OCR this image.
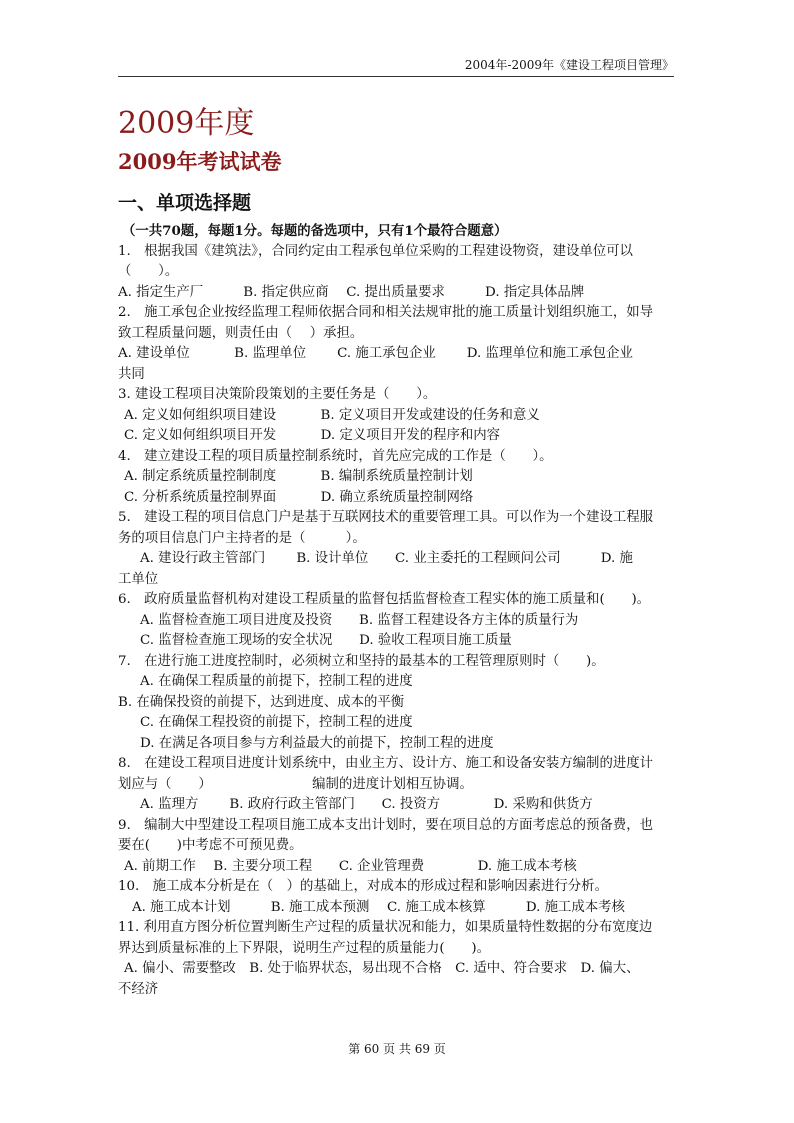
2004年-2009年《建设工程项目管理》
2009年度
2009年考试试卷
一、单项选择题
（一共70题，每题1分。每题的备选项中，只有1个最符合题意）
1.　根据我国《建筑法》，合同约定由工程承包单位采购的工程建设物资，建设单位可以
（　　）。
A. 指定生产厂　　　B. 指定供应商　 C. 提出质量要求　　　D. 指定具体品牌
2.　施工承包企业按经监理工程师依据合同和相关法规审批的施工质量计划组织施工，如导
致工程质量问题，则责任由（　 ）承担。
A. 建设单位　　　 B. 监理单位　　 C. 施工承包企业　　 D. 监理单位和施工承包企业
共同
3. 建设工程项目决策阶段策划的主要任务是（　　）。
A. 定义如何组织项目建设　　　 B. 定义项目开发或建设的任务和意义
C. 定义如何组织项目开发　　　 D. 定义项目开发的程序和内容
4.　建立建设工程的项目质量控制系统时，首先应完成的工作是（　　）。
A. 制定系统质量控制制度　　　 B. 编制系统质量控制计划
C. 分析系统质量控制界面　　　 D. 确立系统质量控制网络
5.　建设工程的项目信息门户是基于互联网技术的重要管理工具。可以作为一个建设工程服
务的项目信息门户主持者的是（　　　）。
A. 建设行政主管部门　　 B. 设计单位　　C. 业主委托的工程顾问公司　　　D. 施
工单位
6.　政府质量监督机构对建设工程质量的监督包括监督检查工程实体的施工质量和(　　)。
A. 监督检查施工项目进度及投资　　B. 监督工程建设各方主体的质量行为
C. 监督检查施工现场的安全状况　　D. 验收工程项目施工质量
7.　在进行施工进度控制时，必须树立和坚持的最基本的工程管理原则时（　　)。
A. 在确保工程质量的前提下，控制工程的进度
B. 在确保投资的前提下，达到进度、成本的平衡
C. 在确保工程投资的前提下，控制工程的进度
D. 在满足各项目参与方利益最大的前提下，控制工程的进度
8.　在建设工程项目进度计划系统中，由业主方、设计方、施工和设备安装方编制的进度计
划应与（　　）　　　　　　　　编制的进度计划相互协调。
A. 监理方　　 B. 政府行政主管部门　　C. 投资方　　　　D. 采购和供货方
9.　编制大中型建设工程项目施工成本支出计划时，要在项目总的方面考虑总的预备费，也
要在(　　)中考虑不可预见费。
A. 前期工作　 B. 主要分项工程　　C. 企业管理费　　　　D. 施工成本考核
10.　施工成本分析是在（　）的基础上，对成本的形成过程和影响因素进行分析。
A. 施工成本计划　　　B. 施工成本预测　 C. 施工成本核算　　　D. 施工成本考核
11. 利用直方图分析位置判断生产过程的质量状况和能力，如果质量特性数据的分布宽度边
界达到质量标准的上下界限，说明生产过程的质量能力(　　)。
A. 偏小、需要整改　B. 处于临界状态，易出现不合格　C. 适中、符合要求　D. 偏大、
不经济
第 60 页 共 69 页
